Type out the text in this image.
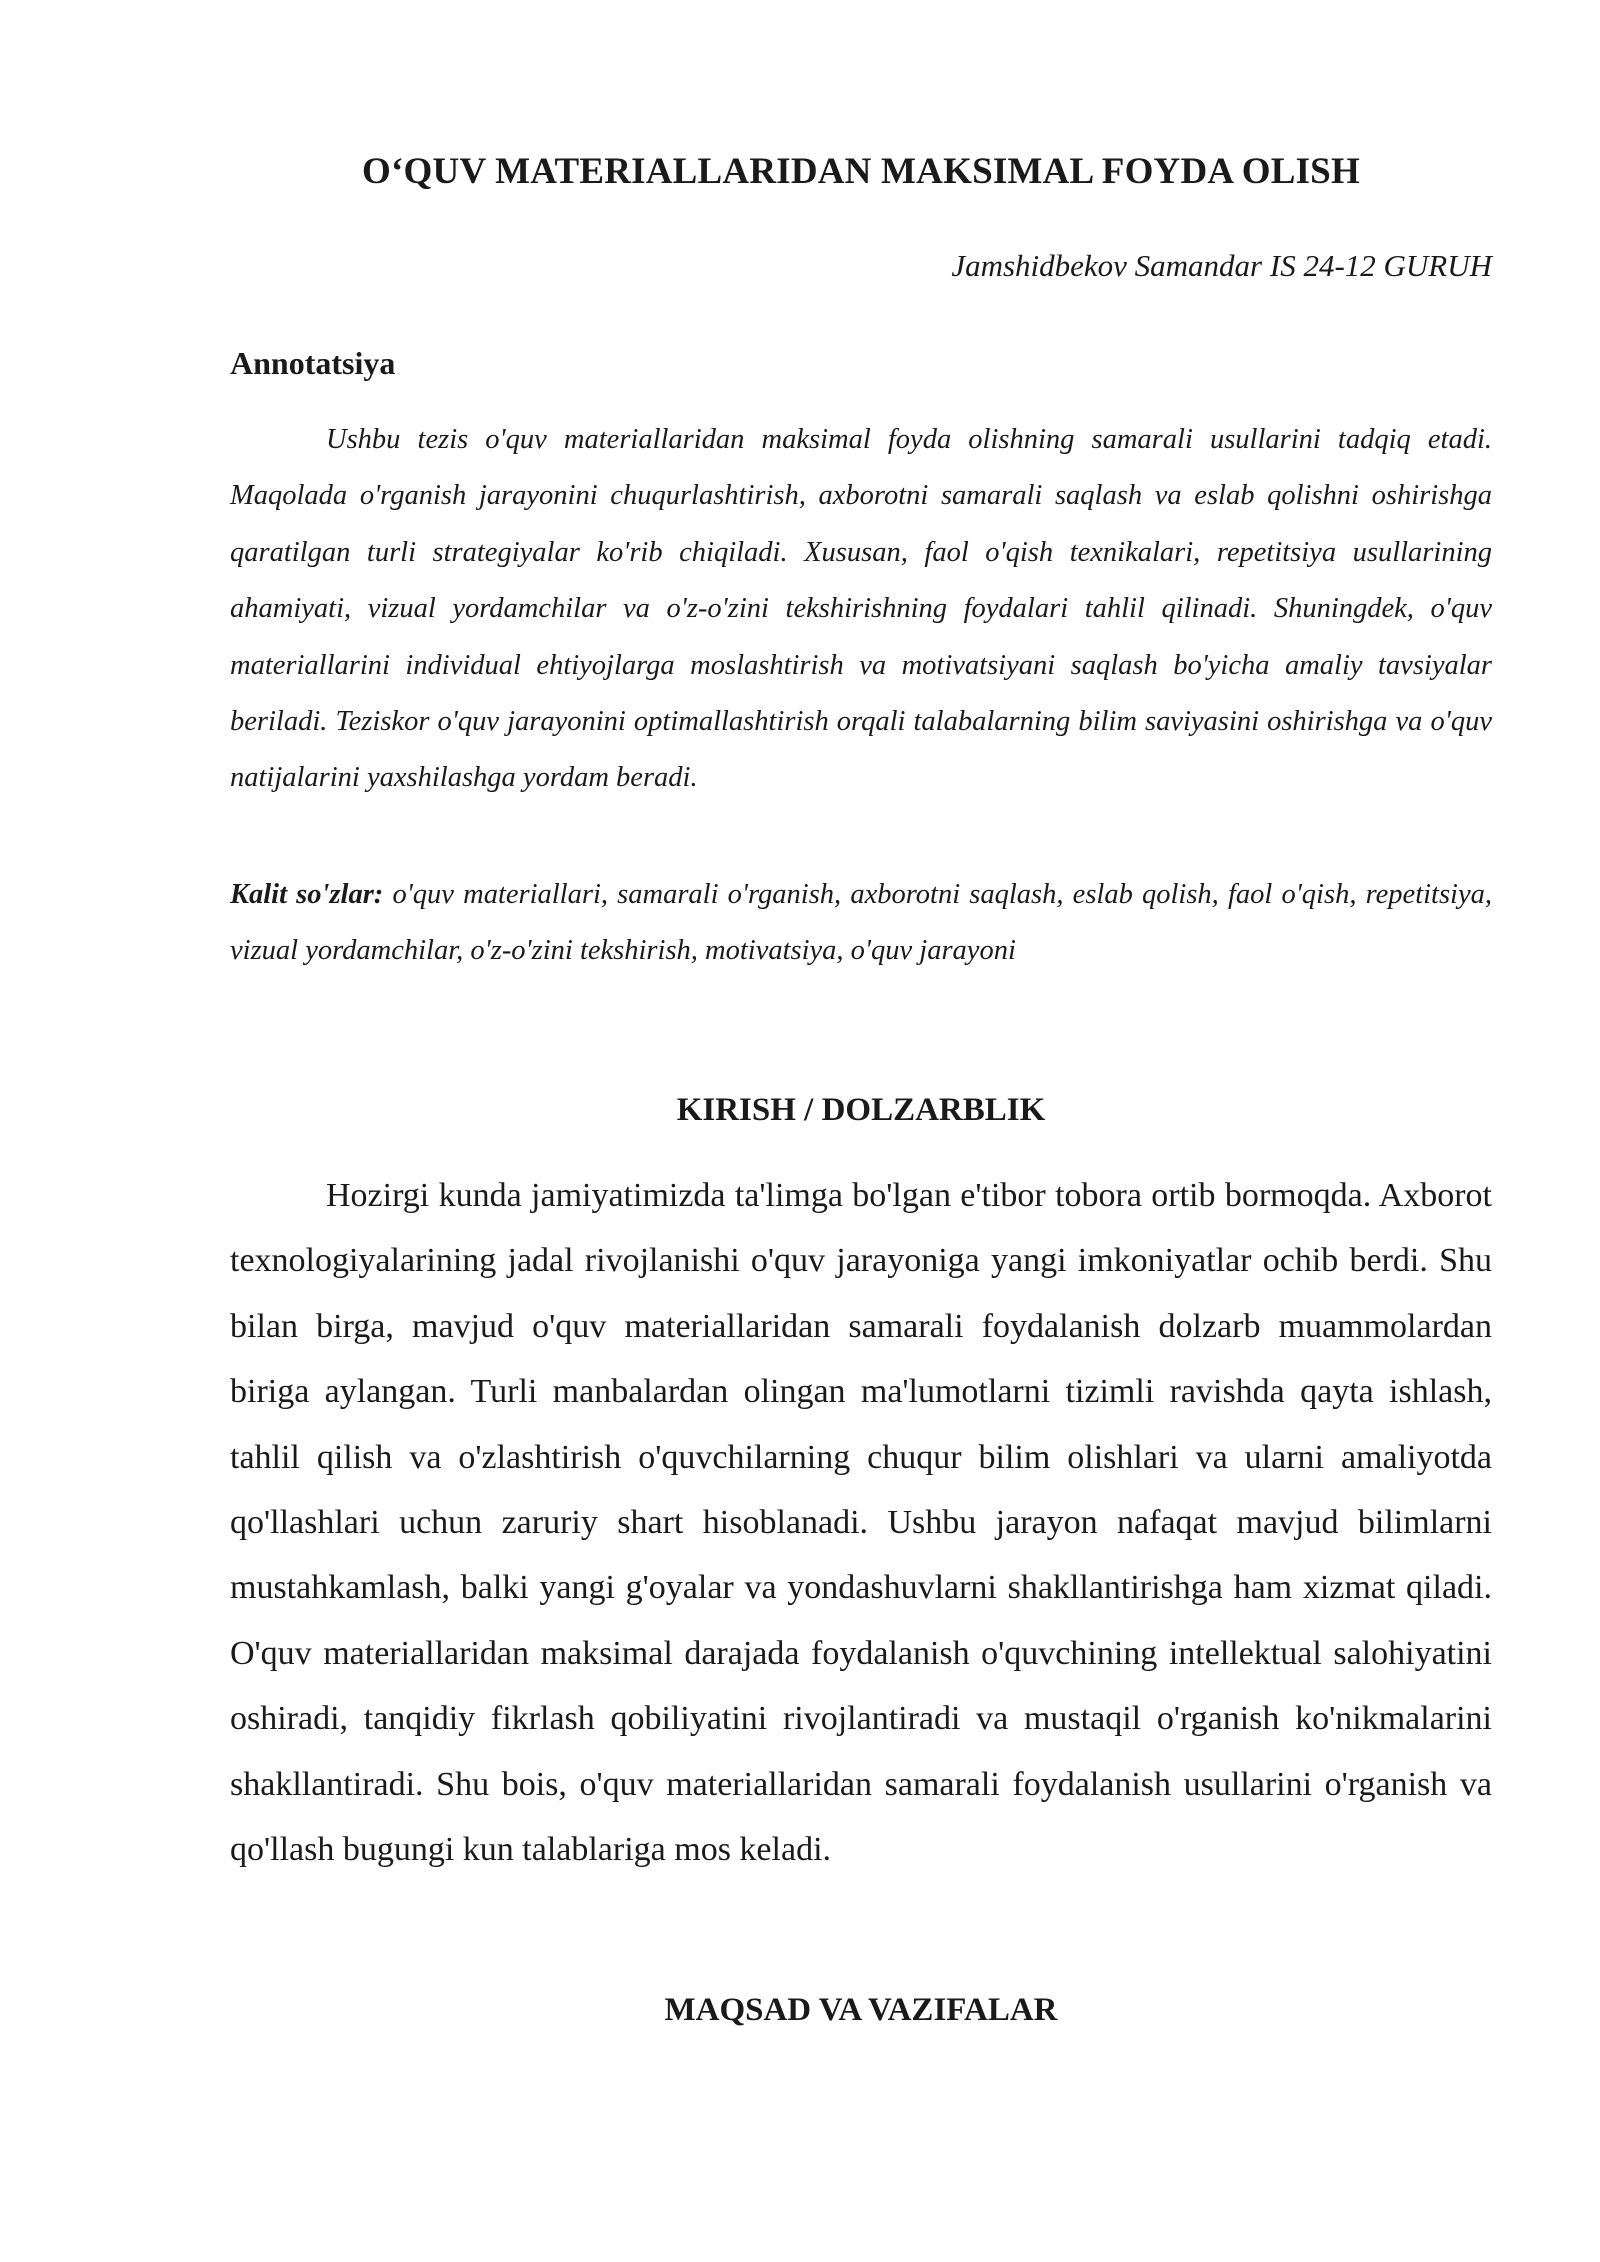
O‘QUV MATERIALLARIDAN MAKSIMAL FOYDA OLISH
Jamshidbekov Samandar IS 24-12 GURUH
Annotatsiya

Ushbu tezis o'quv materiallaridan maksimal foyda olishning samarali usullarini tadqiq etadi. Maqolada o'rganish jarayonini chuqurlashtirish, axborotni samarali saqlash va eslab qolishni oshirishga qaratilgan turli strategiyalar ko'rib chiqiladi. Xususan, faol o'qish texnikalari, repetitsiya usullarining ahamiyati, vizual yordamchilar va o'z-o'zini tekshirishning foydalari tahlil qilinadi. Shuningdek, o'quv materiallarini individual ehtiyojlarga moslashtirish va motivatsiyani saqlash bo'yicha amaliy tavsiyalar beriladi. Teziskor o'quv jarayonini optimallashtirish orqali talabalarning bilim saviyasini oshirishga va o'quv natijalarini yaxshilashga yordam beradi.

Kalit so'zlar: o'quv materiallari, samarali o'rganish, axborotni saqlash, eslab qolish, faol o'qish, repetitsiya, vizual yordamchilar, o'z-o'zini tekshirish, motivatsiya, o'quv jarayoni

KIRISH / DOLZARBLIK

Hozirgi kunda jamiyatimizda ta'limga bo'lgan e'tibor tobora ortib bormoqda. Axborot texnologiyalarining jadal rivojlanishi o'quv jarayoniga yangi imkoniyatlar ochib berdi. Shu bilan birga, mavjud o'quv materiallaridan samarali foydalanish dolzarb muammolardan biriga aylangan. Turli manbalardan olingan ma'lumotlarni tizimli ravishda qayta ishlash, tahlil qilish va o'zlashtirish o'quvchilarning chuqur bilim olishlari va ularni amaliyotda qo'llashlari uchun zaruriy shart hisoblanadi. Ushbu jarayon nafaqat mavjud bilimlarni mustahkamlash, balki yangi g'oyalar va yondashuvlarni shakllantirishga ham xizmat qiladi. O'quv materiallaridan maksimal darajada foydalanish o'quvchining intellektual salohiyatini oshiradi, tanqidiy fikrlash qobiliyatini rivojlantiradi va mustaqil o'rganish ko'nikmalarini shakllantiradi. Shu bois, o'quv materiallaridan samarali foydalanish usullarini o'rganish va qo'llash bugungi kun talablariga mos keladi.

MAQSAD VA VAZIFALAR
